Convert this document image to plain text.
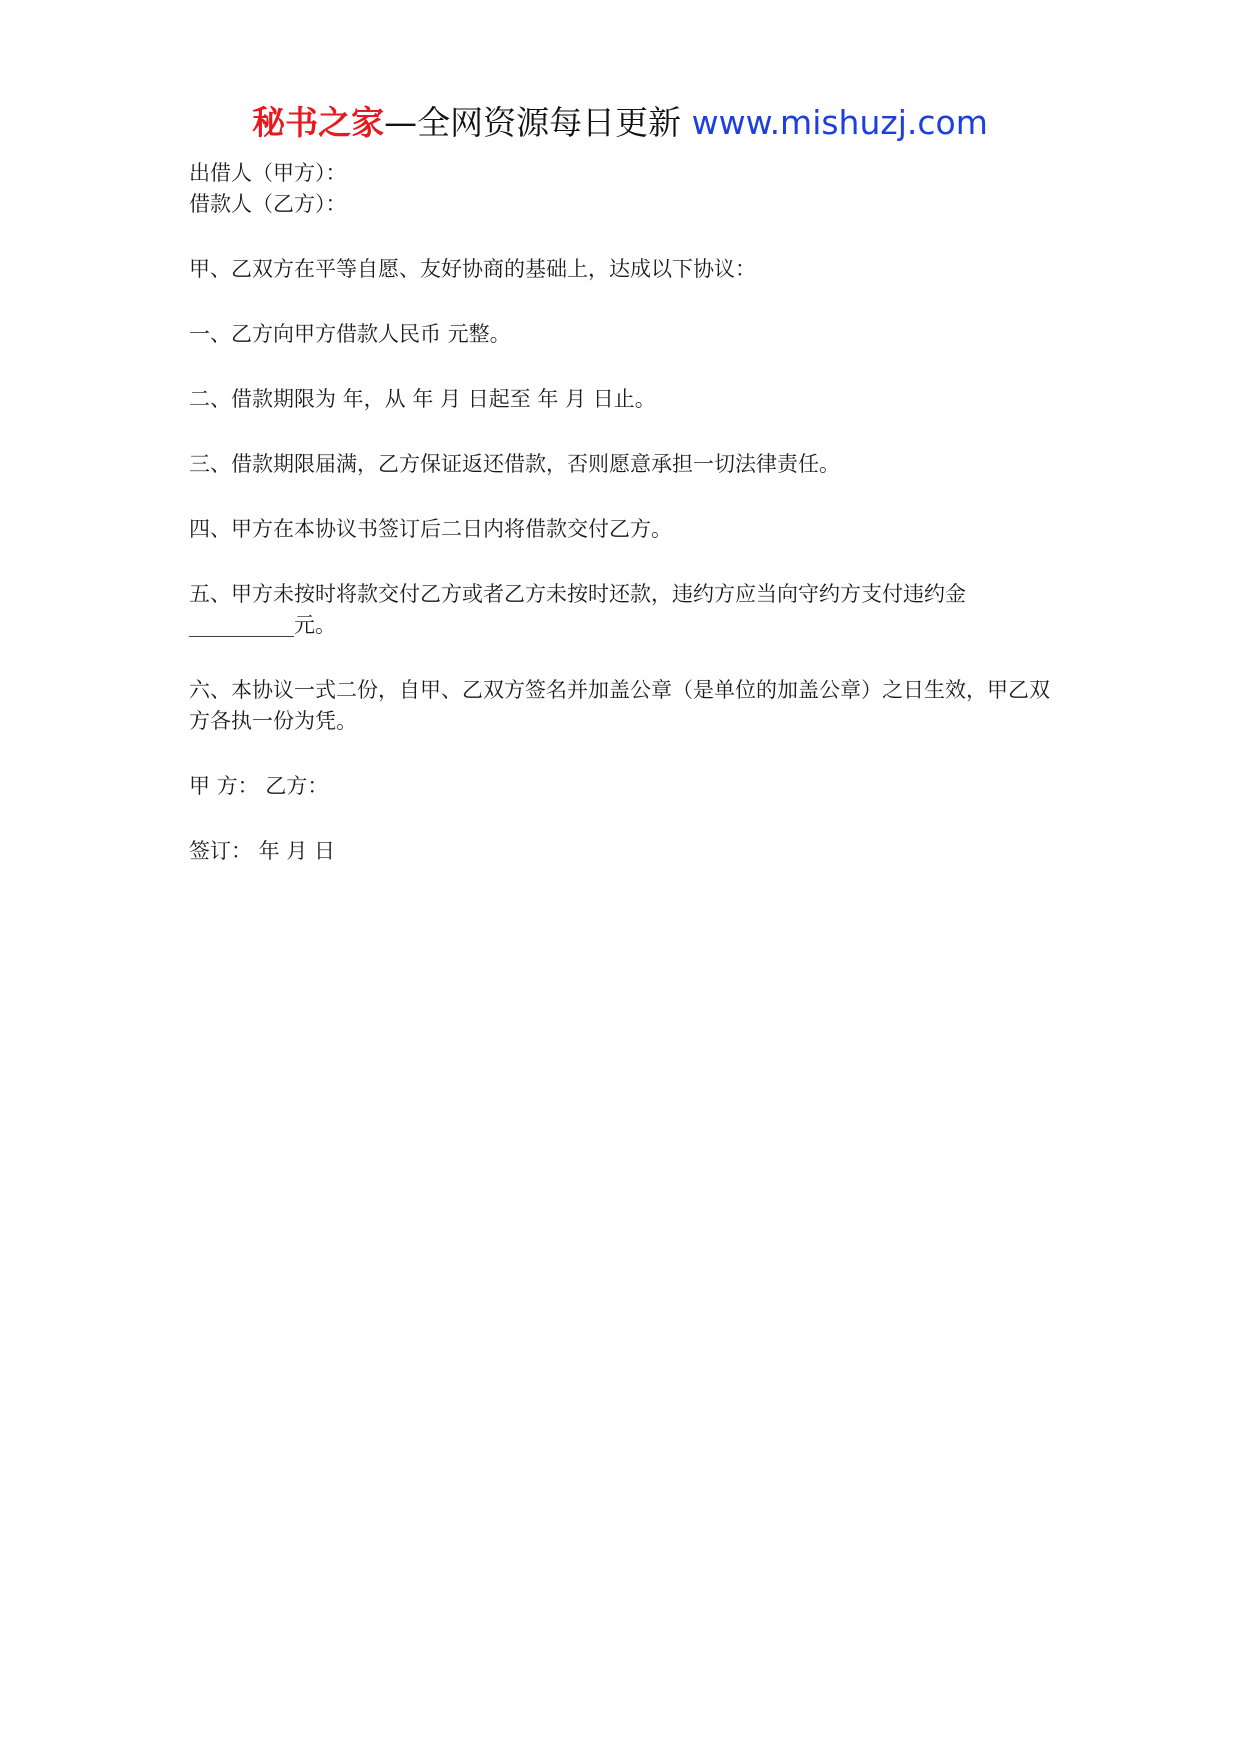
秘书之家—全网资源每日更新 www.mishuzj.com
出借人（甲方）：
借款人（乙方）：

甲、乙双方在平等自愿、友好协商的基础上，达成以下协议：

一、乙方向甲方借款人民币 元整。

二、借款期限为 年，从 年 月 日起至 年 月 日止。

三、借款期限届满，乙方保证返还借款，否则愿意承担一切法律责任。

四、甲方在本协议书签订后二日内将借款交付乙方。

五、甲方未按时将款交付乙方或者乙方未按时还款，违约方应当向守约方支付违约金__________元。

六、本协议一式二份，自甲、乙双方签名并加盖公章（是单位的加盖公章）之日生效，甲乙双方各执一份为凭。

甲 方： 乙方：

签订： 年 月 日
